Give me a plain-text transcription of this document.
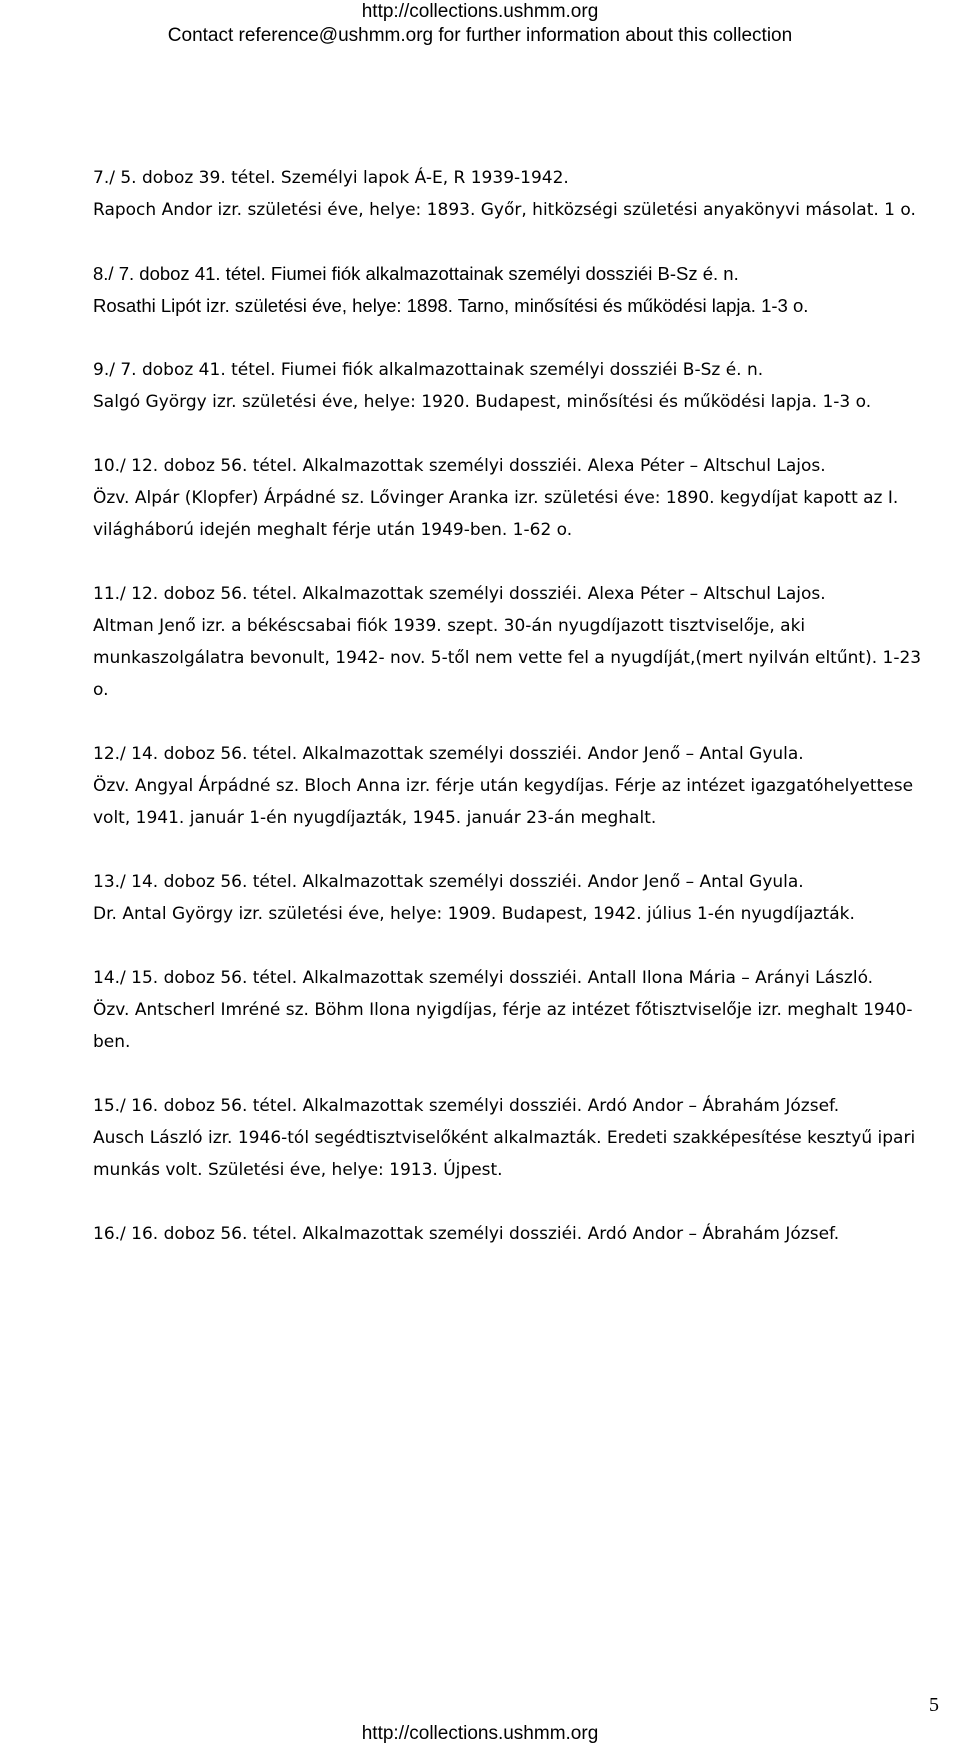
http://collections.ushmm.org
Contact reference@ushmm.org for further information about this collection

7./ 5. doboz 39. tétel. Személyi lapok Á-E, R 1939-1942.

Rapoch Andor izr. születési éve, helye: 1893. Győr, hitközségi születési anyakönyvi másolat. 1 o.

8./ 7. doboz 41. tétel. Fiumei fiók alkalmazottainak személyi dossziéi B-Sz é. n.

Rosathi Lipót izr. születési éve, helye: 1898. Tarno, minősítési és működési lapja. 1-3 o.

9./ 7. doboz 41. tétel. Fiumei fiók alkalmazottainak személyi dossziéi B-Sz é. n.

Salgó György izr. születési éve, helye: 1920. Budapest, minősítési és működési lapja. 1-3 o.

10./ 12. doboz 56. tétel. Alkalmazottak személyi dossziéi. Alexa Péter – Altschul Lajos.

Özv. Alpár (Klopfer) Árpádné sz. Lővinger Aranka izr. születési éve: 1890. kegydíjat kapott az I. világháború idején meghalt férje után 1949-ben. 1-62 o.

11./ 12. doboz 56. tétel. Alkalmazottak személyi dossziéi. Alexa Péter – Altschul Lajos.

Altman Jenő izr. a békéscsabai fiók 1939. szept. 30-án nyugdíjazott tisztviselője, aki munkaszolgálatra bevonult, 1942- nov. 5-től nem vette fel a nyugdíját,(mert nyilván eltűnt). 1-23 o.

12./ 14. doboz 56. tétel. Alkalmazottak személyi dossziéi. Andor Jenő – Antal Gyula.

Özv. Angyal Árpádné sz. Bloch Anna izr. férje után kegydíjas. Férje az intézet igazgatóhelyettese volt, 1941. január 1-én nyugdíjazták, 1945. január 23-án meghalt.

13./ 14. doboz 56. tétel. Alkalmazottak személyi dossziéi. Andor Jenő – Antal Gyula.

Dr. Antal György izr. születési éve, helye: 1909. Budapest, 1942. július 1-én nyugdíjazták.

14./ 15. doboz 56. tétel. Alkalmazottak személyi dossziéi. Antall Ilona Mária – Arányi László.

Özv. Antscherl Imréné sz. Böhm Ilona nyigdíjas, férje az intézet főtisztviselője izr. meghalt 1940-ben.

15./ 16. doboz 56. tétel. Alkalmazottak személyi dossziéi. Ardó Andor – Ábrahám József.

Ausch László izr. 1946-tól segédtisztviselőként alkalmazták. Eredeti szakképesítése kesztyű ipari munkás volt. Születési éve, helye: 1913. Újpest.

16./ 16. doboz 56. tétel. Alkalmazottak személyi dossziéi. Ardó Andor – Ábrahám József.

5
http://collections.ushmm.org
